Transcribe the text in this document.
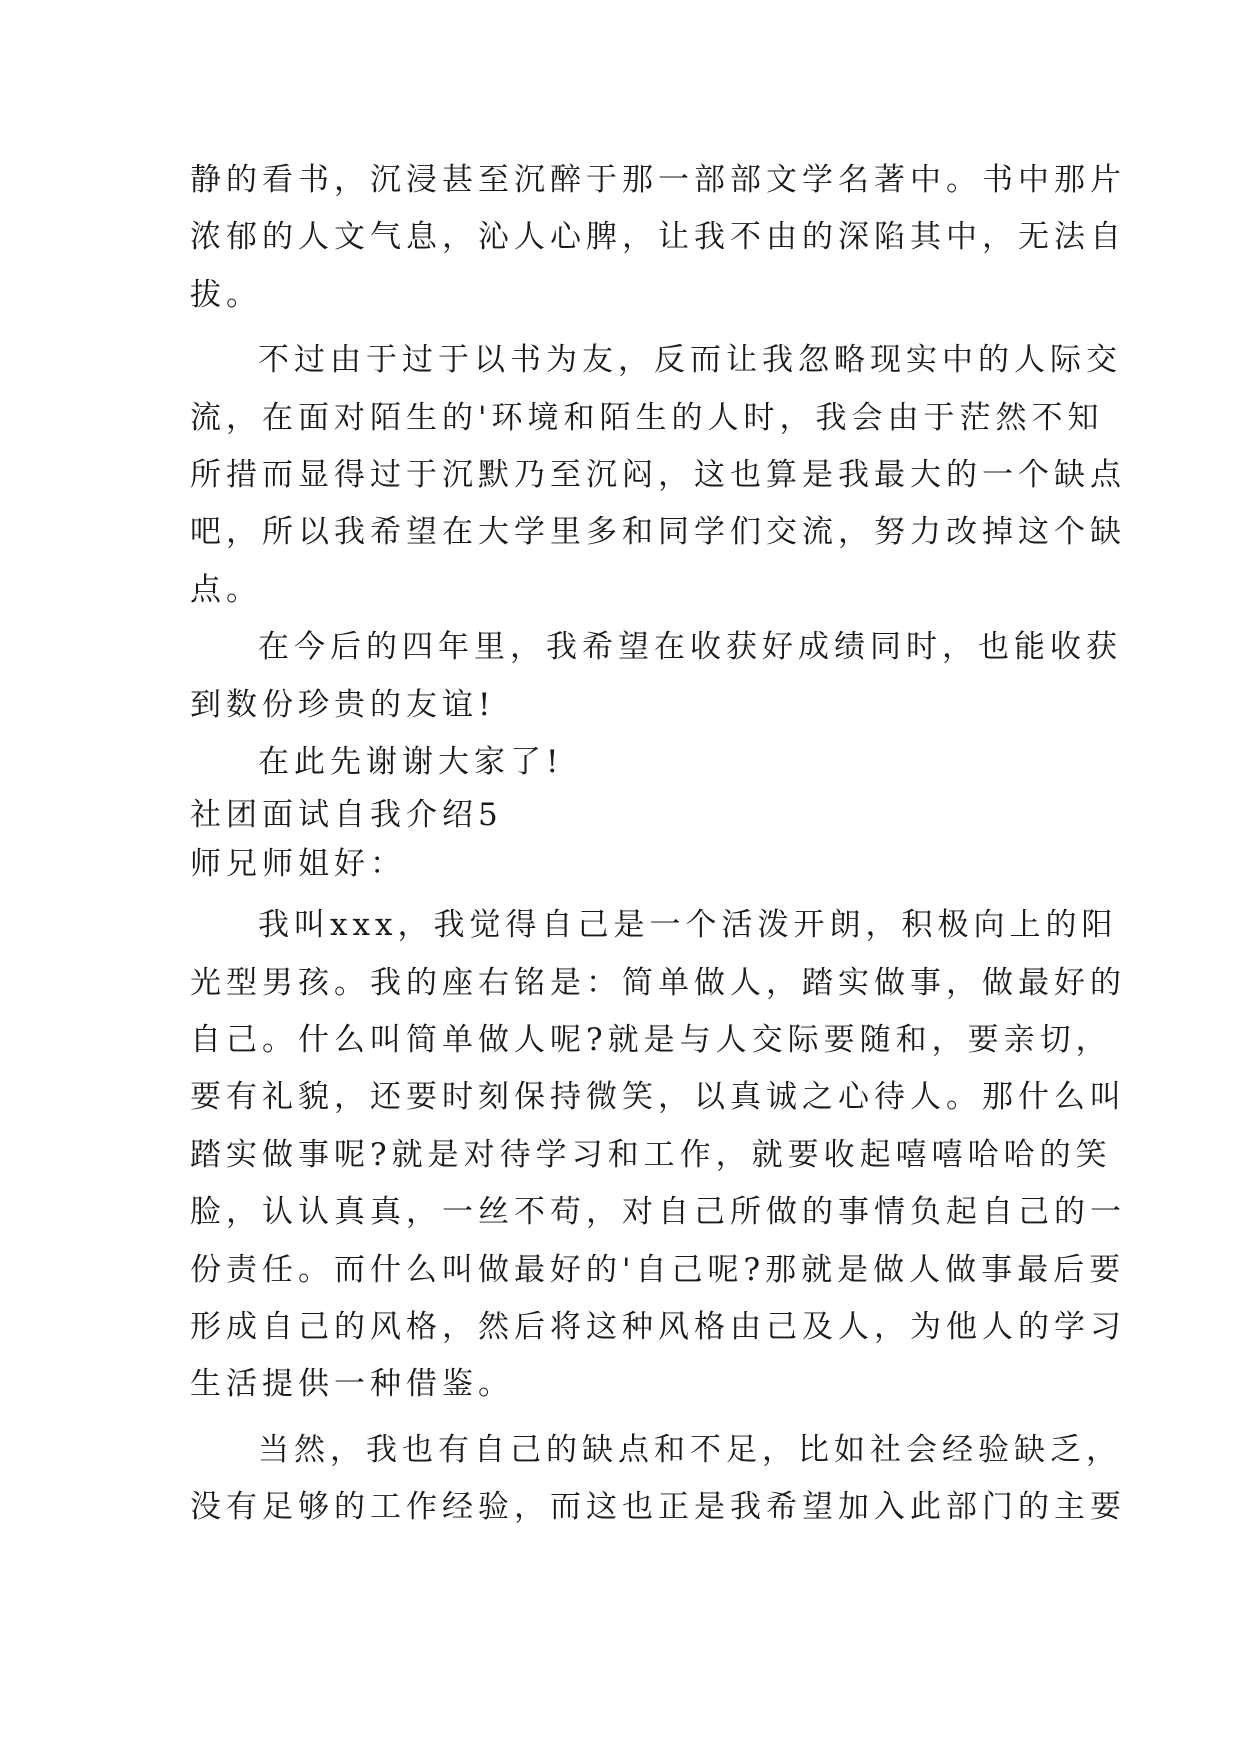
静的看书，沉浸甚至沉醉于那一部部文学名著中。书中那片
浓郁的人文气息，沁人心脾，让我不由的深陷其中，无法自
拔。
不过由于过于以书为友，反而让我忽略现实中的人际交
流，在面对陌生的'环境和陌生的人时，我会由于茫然不知
所措而显得过于沉默乃至沉闷，这也算是我最大的一个缺点
吧，所以我希望在大学里多和同学们交流，努力改掉这个缺
点。
在今后的四年里，我希望在收获好成绩同时，也能收获
到数份珍贵的友谊!
在此先谢谢大家了!
社团面试自我介绍5
师兄师姐好：
我叫xxx，我觉得自己是一个活泼开朗，积极向上的阳
光型男孩。我的座右铭是：简单做人，踏实做事，做最好的
自己。什么叫简单做人呢?就是与人交际要随和，要亲切，
要有礼貌，还要时刻保持微笑，以真诚之心待人。那什么叫
踏实做事呢?就是对待学习和工作，就要收起嘻嘻哈哈的笑
脸，认认真真，一丝不苟，对自己所做的事情负起自己的一
份责任。而什么叫做最好的'自己呢?那就是做人做事最后要
形成自己的风格，然后将这种风格由己及人，为他人的学习
生活提供一种借鉴。
当然，我也有自己的缺点和不足，比如社会经验缺乏，
没有足够的工作经验，而这也正是我希望加入此部门的主要
